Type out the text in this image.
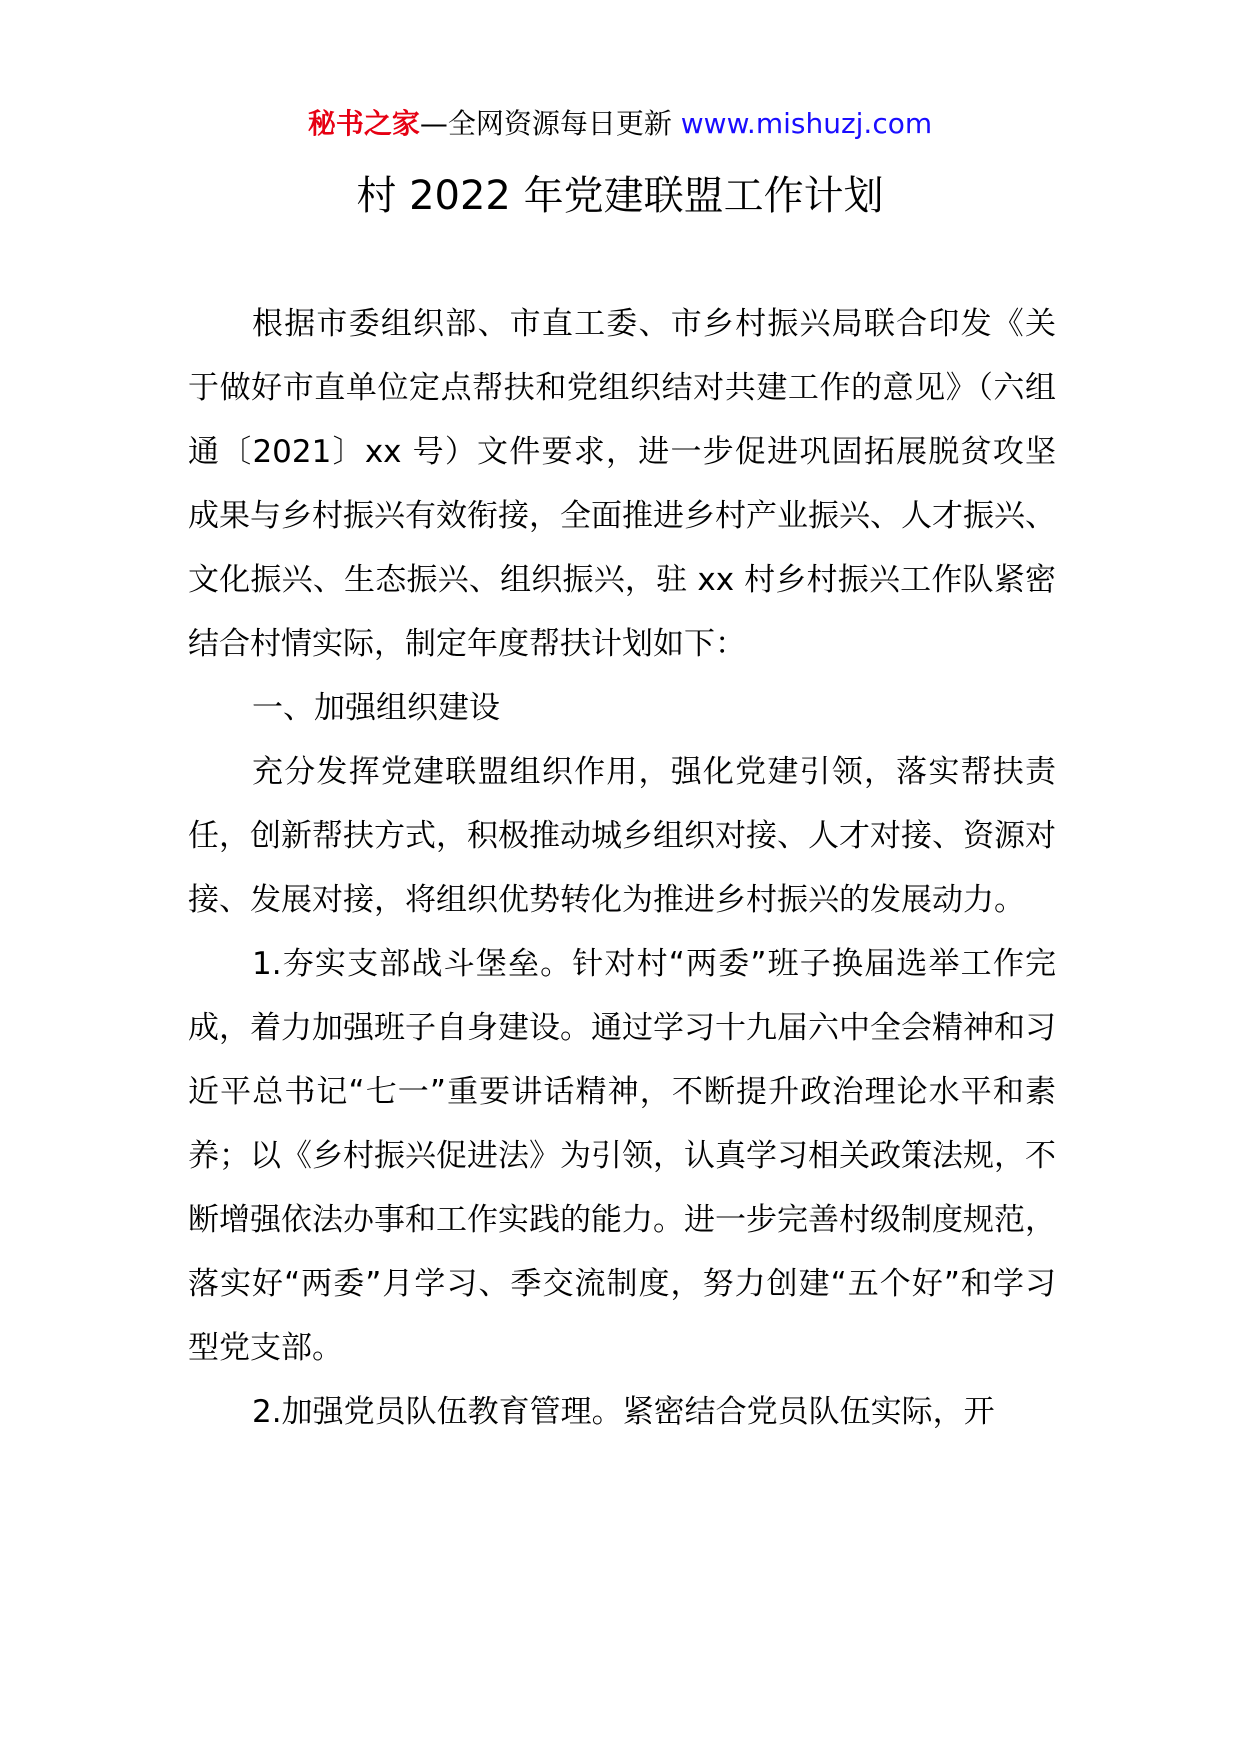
秘书之家—全网资源每日更新 www.mishuzj.com
村 2022 年党建联盟工作计划

根据市委组织部、市直工委、市乡村振兴局联合印发《关于做好市直单位定点帮扶和党组织结对共建工作的意见》（六组通〔2021〕xx 号）文件要求，进一步促进巩固拓展脱贫攻坚成果与乡村振兴有效衔接，全面推进乡村产业振兴、人才振兴、文化振兴、生态振兴、组织振兴，驻 xx 村乡村振兴工作队紧密结合村情实际，制定年度帮扶计划如下：

一、加强组织建设

充分发挥党建联盟组织作用，强化党建引领，落实帮扶责任，创新帮扶方式，积极推动城乡组织对接、人才对接、资源对接、发展对接，将组织优势转化为推进乡村振兴的发展动力。

1.夯实支部战斗堡垒。针对村“两委”班子换届选举工作完成，着力加强班子自身建设。通过学习十九届六中全会精神和习近平总书记“七一”重要讲话精神，不断提升政治理论水平和素养；以《乡村振兴促进法》为引领，认真学习相关政策法规，不断增强依法办事和工作实践的能力。进一步完善村级制度规范，落实好“两委”月学习、季交流制度，努力创建“五个好”和学习型党支部。

2.加强党员队伍教育管理。紧密结合党员队伍实际，开
